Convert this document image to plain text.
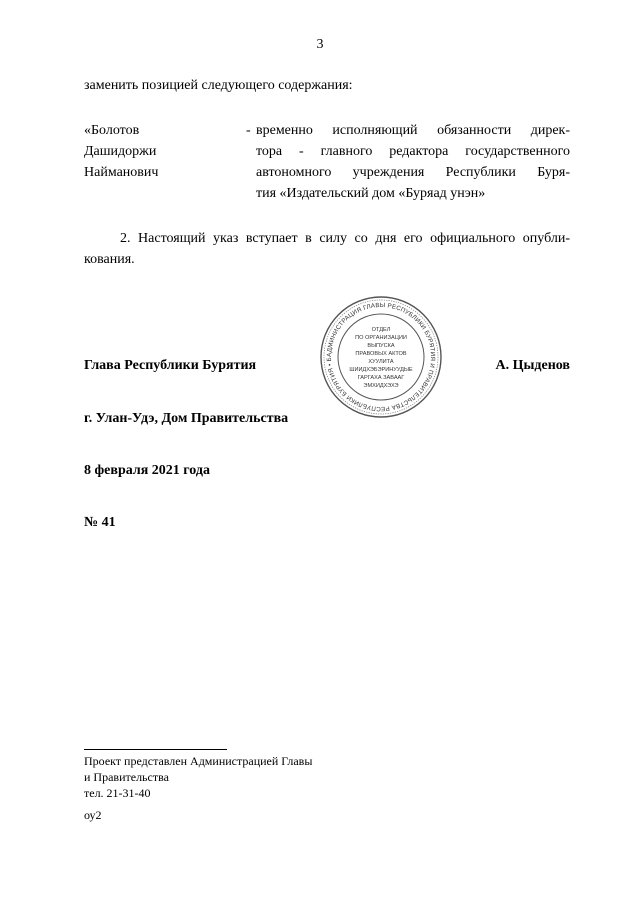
3
заменить позицией следующего содержания:
«Болотов
Дашидоржи
Найманович
- временно исполняющий обязанности дирек-
тора - главного редактора государственного
автономного учреждения Республики Буря-
тия «Издательский дом «Буряад унэн»
2. Настоящий указ вступает в силу со дня его официального опубли-
кования.
АДМИНИСТРАЦИЯ ГЛАВЫ РЕСПУБЛИКИ БУРЯТИЯ И ПРАВИТЕЛЬСТВА РЕСПУБЛИКИ БУРЯТИЯ • Б
ОТДЕЛ
ПО ОРГАНИЗАЦИИ
ВЫПУСКА
ПРАВОВЫХ АКТОВ
ХУУЛИТА
ШИИДХЭБЭРИНУУДЫЕ
ГАРГАХА ЗАВААГ
ЭМХИДХЭХЭ
Глава Республики Бурятия	А. Цыденов
г. Улан-Удэ, Дом Правительства
8 февраля 2021 года
№ 41
Проект представлен Администрацией Главы
и Правительства
тел. 21-31-40
оу2
